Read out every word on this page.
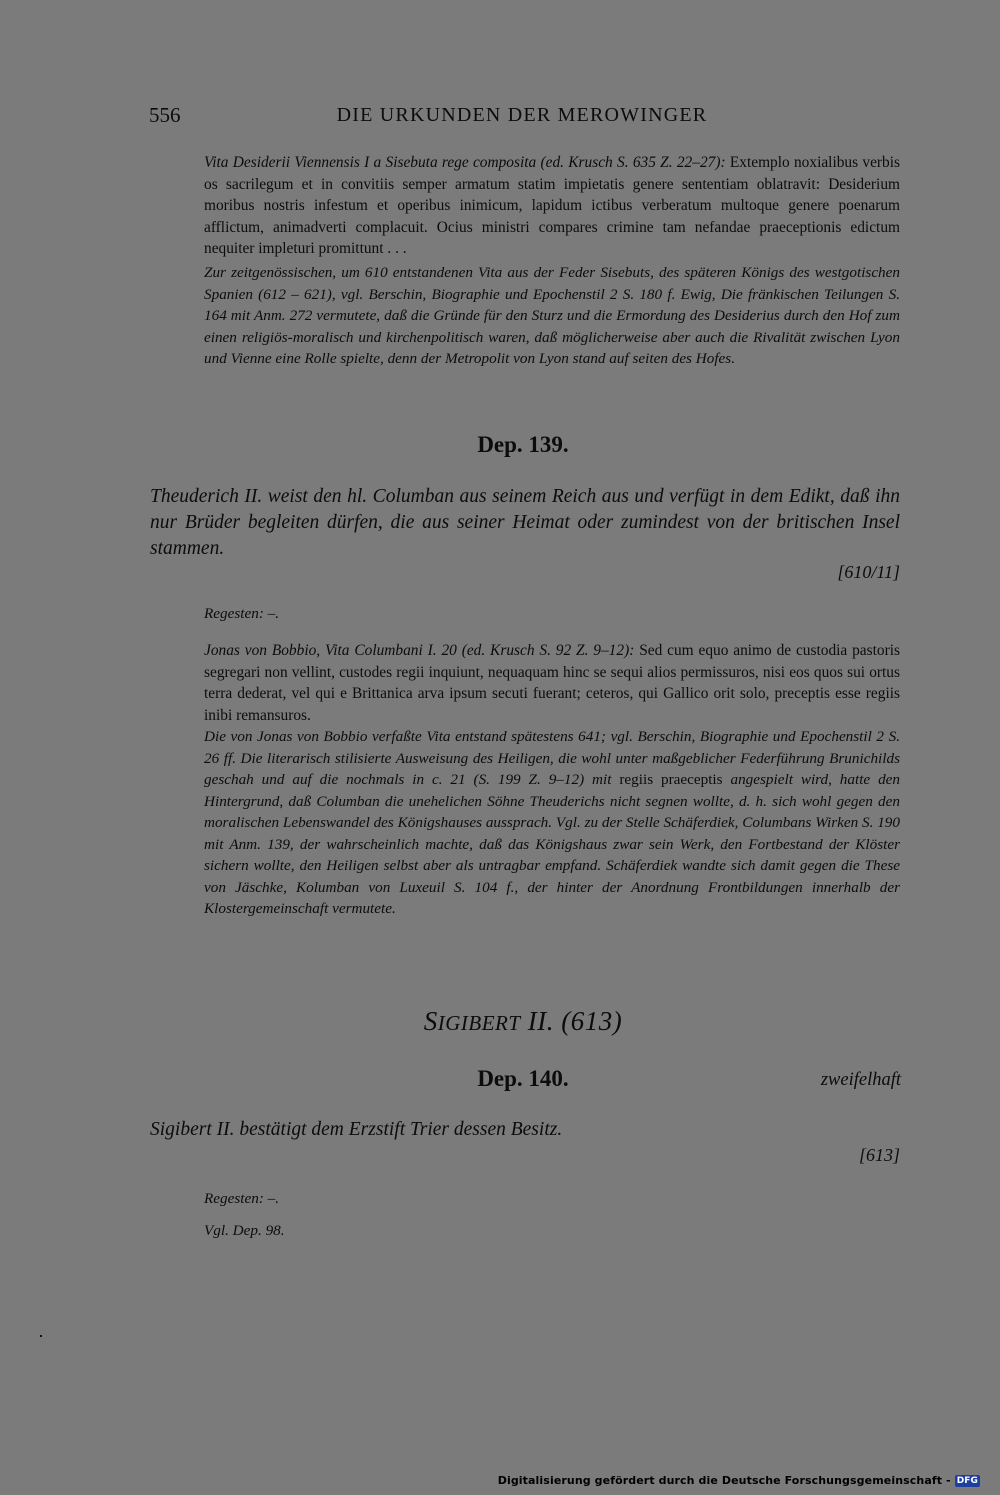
556	DIE URKUNDEN DER MEROWINGER
Vita Desiderii Viennensis I a Sisebuta rege composita (ed. Krusch S. 635 Z. 22–27): Extemplo noxialibus verbis os sacrilegum et in convitiis semper armatum statim impietatis genere sententiam oblatravit: Desiderium moribus nostris infestum et operibus inimicum, lapidum ictibus verberatum multoque genere poenarum afflictum, animadverti complacuit. Ocius ministri compares crimine tam nefandae praeceptionis edictum nequiter impleturi promittunt . . .
Zur zeitgenössischen, um 610 entstandenen Vita aus der Feder Sisebuts, des späteren Königs des westgotischen Spanien (612 – 621), vgl. Berschin, Biographie und Epochenstil 2 S. 180 f. Ewig, Die fränkischen Teilungen S. 164 mit Anm. 272 vermutete, daß die Gründe für den Sturz und die Ermordung des Desiderius durch den Hof zum einen religiös-moralisch und kirchenpolitisch waren, daß möglicherweise aber auch die Rivalität zwischen Lyon und Vienne eine Rolle spielte, denn der Metropolit von Lyon stand auf seiten des Hofes.
Dep. 139.
Theuderich II. weist den hl. Columban aus seinem Reich aus und verfügt in dem Edikt, daß ihn nur Brüder begleiten dürfen, die aus seiner Heimat oder zumindest von der britischen Insel stammen.
[610/11]
Regesten: –.
Jonas von Bobbio, Vita Columbani I. 20 (ed. Krusch S. 92 Z. 9–12): Sed cum equo animo de custodia pastoris segregari non vellint, custodes regii inquiunt, nequaquam hinc se sequi alios permissuros, nisi eos quos sui ortus terra dederat, vel qui e Brittanica arva ipsum secuti fuerant; ceteros, qui Gallico orit solo, preceptis esse regiis inibi remansuros.
Die von Jonas von Bobbio verfaßte Vita entstand spätestens 641; vgl. Berschin, Biographie und Epochenstil 2 S. 26 ff. Die literarisch stilisierte Ausweisung des Heiligen, die wohl unter maßgeblicher Federführung Brunichilds geschah und auf die nochmals in c. 21 (S. 199 Z. 9–12) mit regiis praeceptis angespielt wird, hatte den Hintergrund, daß Columban die unehelichen Söhne Theuderichs nicht segnen wollte, d. h. sich wohl gegen den moralischen Lebenswandel des Königshauses aussprach. Vgl. zu der Stelle Schäferdiek, Columbans Wirken S. 190 mit Anm. 139, der wahrscheinlich machte, daß das Königshaus zwar sein Werk, den Fortbestand der Klöster sichern wollte, den Heiligen selbst aber als untragbar empfand. Schäferdiek wandte sich damit gegen die These von Jäschke, Kolumban von Luxeuil S. 104 f., der hinter der Anordnung Frontbildungen innerhalb der Klostergemeinschaft vermutete.
SIGIBERT II. (613)
Dep. 140.	zweifelhaft
Sigibert II. bestätigt dem Erzstift Trier dessen Besitz.
[613]
Regesten: –.
Vgl. Dep. 98.
Digitalisierung gefördert durch die Deutsche Forschungsgemeinschaft - DFG
